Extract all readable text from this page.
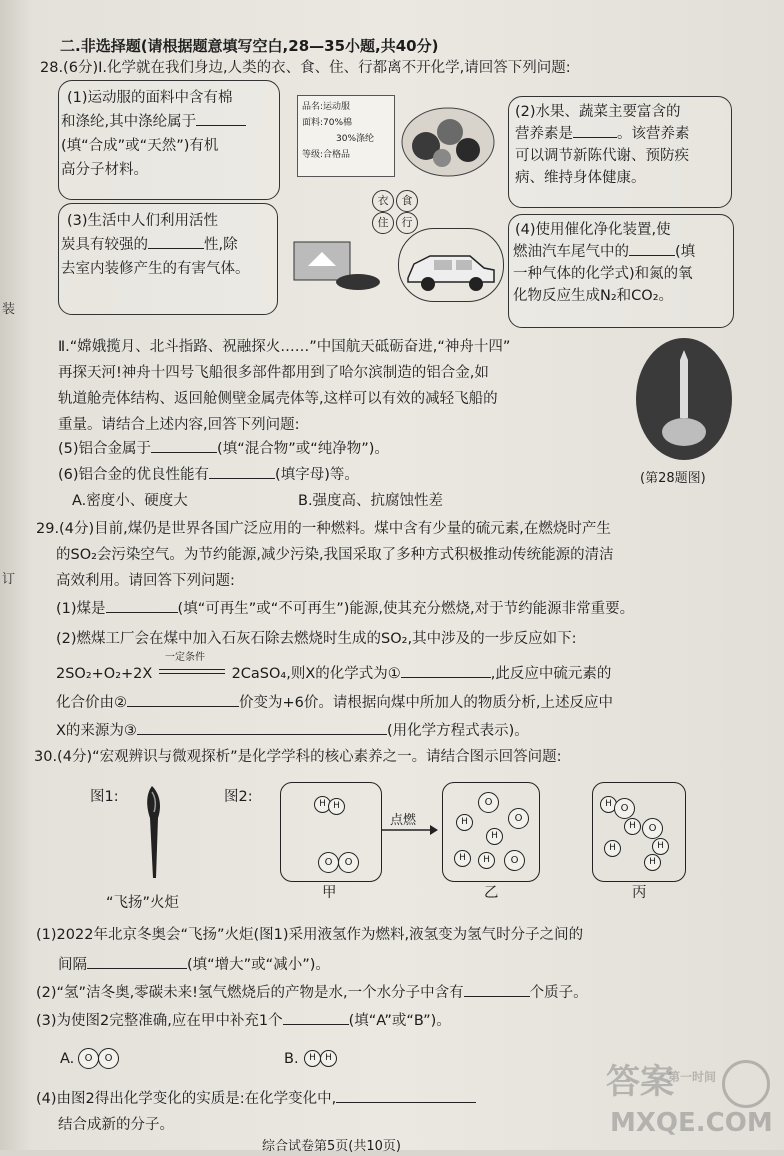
二.非选择题(请根据题意填写空白,28—35小题,共40分)
28.(6分)Ⅰ.化学就在我们身边,人类的衣、食、住、行都离不开化学,请回答下列问题:
装
订
(1)运动服的面料中含有棉
和涤纶,其中涤纶属于
(填“合成”或“天然”)有机
高分子材料。
品名:运动服
面料:70%棉
30%涤纶
等级:合格品
衣	食
住	行
(2)水果、蔬菜主要富含的
营养素是	。该营养素
可以调节新陈代谢、预防疾
病、维持身体健康。
(3)生活中人们利用活性
炭具有较强的	性,除
去室内装修产生的有害气体。
(4)使用催化净化装置,使
燃油汽车尾气中的	(填
一种气体的化学式)和氮的氧
化物反应生成N₂和CO₂。
Ⅱ.“嫦娥揽月、北斗指路、祝融探火……”中国航天砥砺奋进,“神舟十四”
再探天河!神舟十四号飞船很多部件都用到了哈尔滨制造的铝合金,如
轨道舱壳体结构、返回舱侧壁金属壳体等,这样可以有效的减轻飞船的
重量。请结合上述内容,回答下列问题:
(第28题图)
(5)铝合金属于	(填“混合物”或“纯净物”)。
(6)铝合金的优良性能有	(填字母)等。
A.密度小、硬度大	B.强度高、抗腐蚀性差
29.(4分)目前,煤仍是世界各国广泛应用的一种燃料。煤中含有少量的硫元素,在燃烧时产生
的SO₂会污染空气。为节约能源,减少污染,我国采取了多种方式积极推动传统能源的清洁
高效利用。请回答下列问题:
(1)煤是	(填“可再生”或“不可再生”)能源,使其充分燃烧,对于节约能源非常重要。
(2)燃煤工厂会在煤中加入石灰石除去燃烧时生成的SO₂,其中涉及的一步反应如下:
2SO₂+O₂+2X
一定条件
2CaSO₄,则X的化学式为①	,此反应中硫元素的
化合价由②	价变为+6价。请根据向煤中所加人的物质分析,上述反应中
X的来源为③	(用化学方程式表示)。
30.(4分)“宏观辨识与微观探析”是化学学科的核心素养之一。请结合图示回答问题:
图1:
“飞扬”火炬
图2:	H H
O	O
甲
点燃
O
H	O
H
H	H	O
乙
H O
H
H
O
H
H
丙
(1)2022年北京冬奥会“飞扬”火炬(图1)采用液氢作为燃料,液氢变为氢气时分子之间的
间隔	(填“增大”或“减小”)。
(2)“氢”洁冬奥,零碳未来!氢气燃烧后的产物是水,一个水分子中含有	个质子。
(3)为使图2完整准确,应在甲中补充1个	(填“A”或“B”)。
A.	O	O	B.	H	H
(4)由图2得出化学变化的实质是:在化学变化中,
结合成新的分子。
综合试卷第5页(共10页)
答案
第一时间
MXQE.COM
